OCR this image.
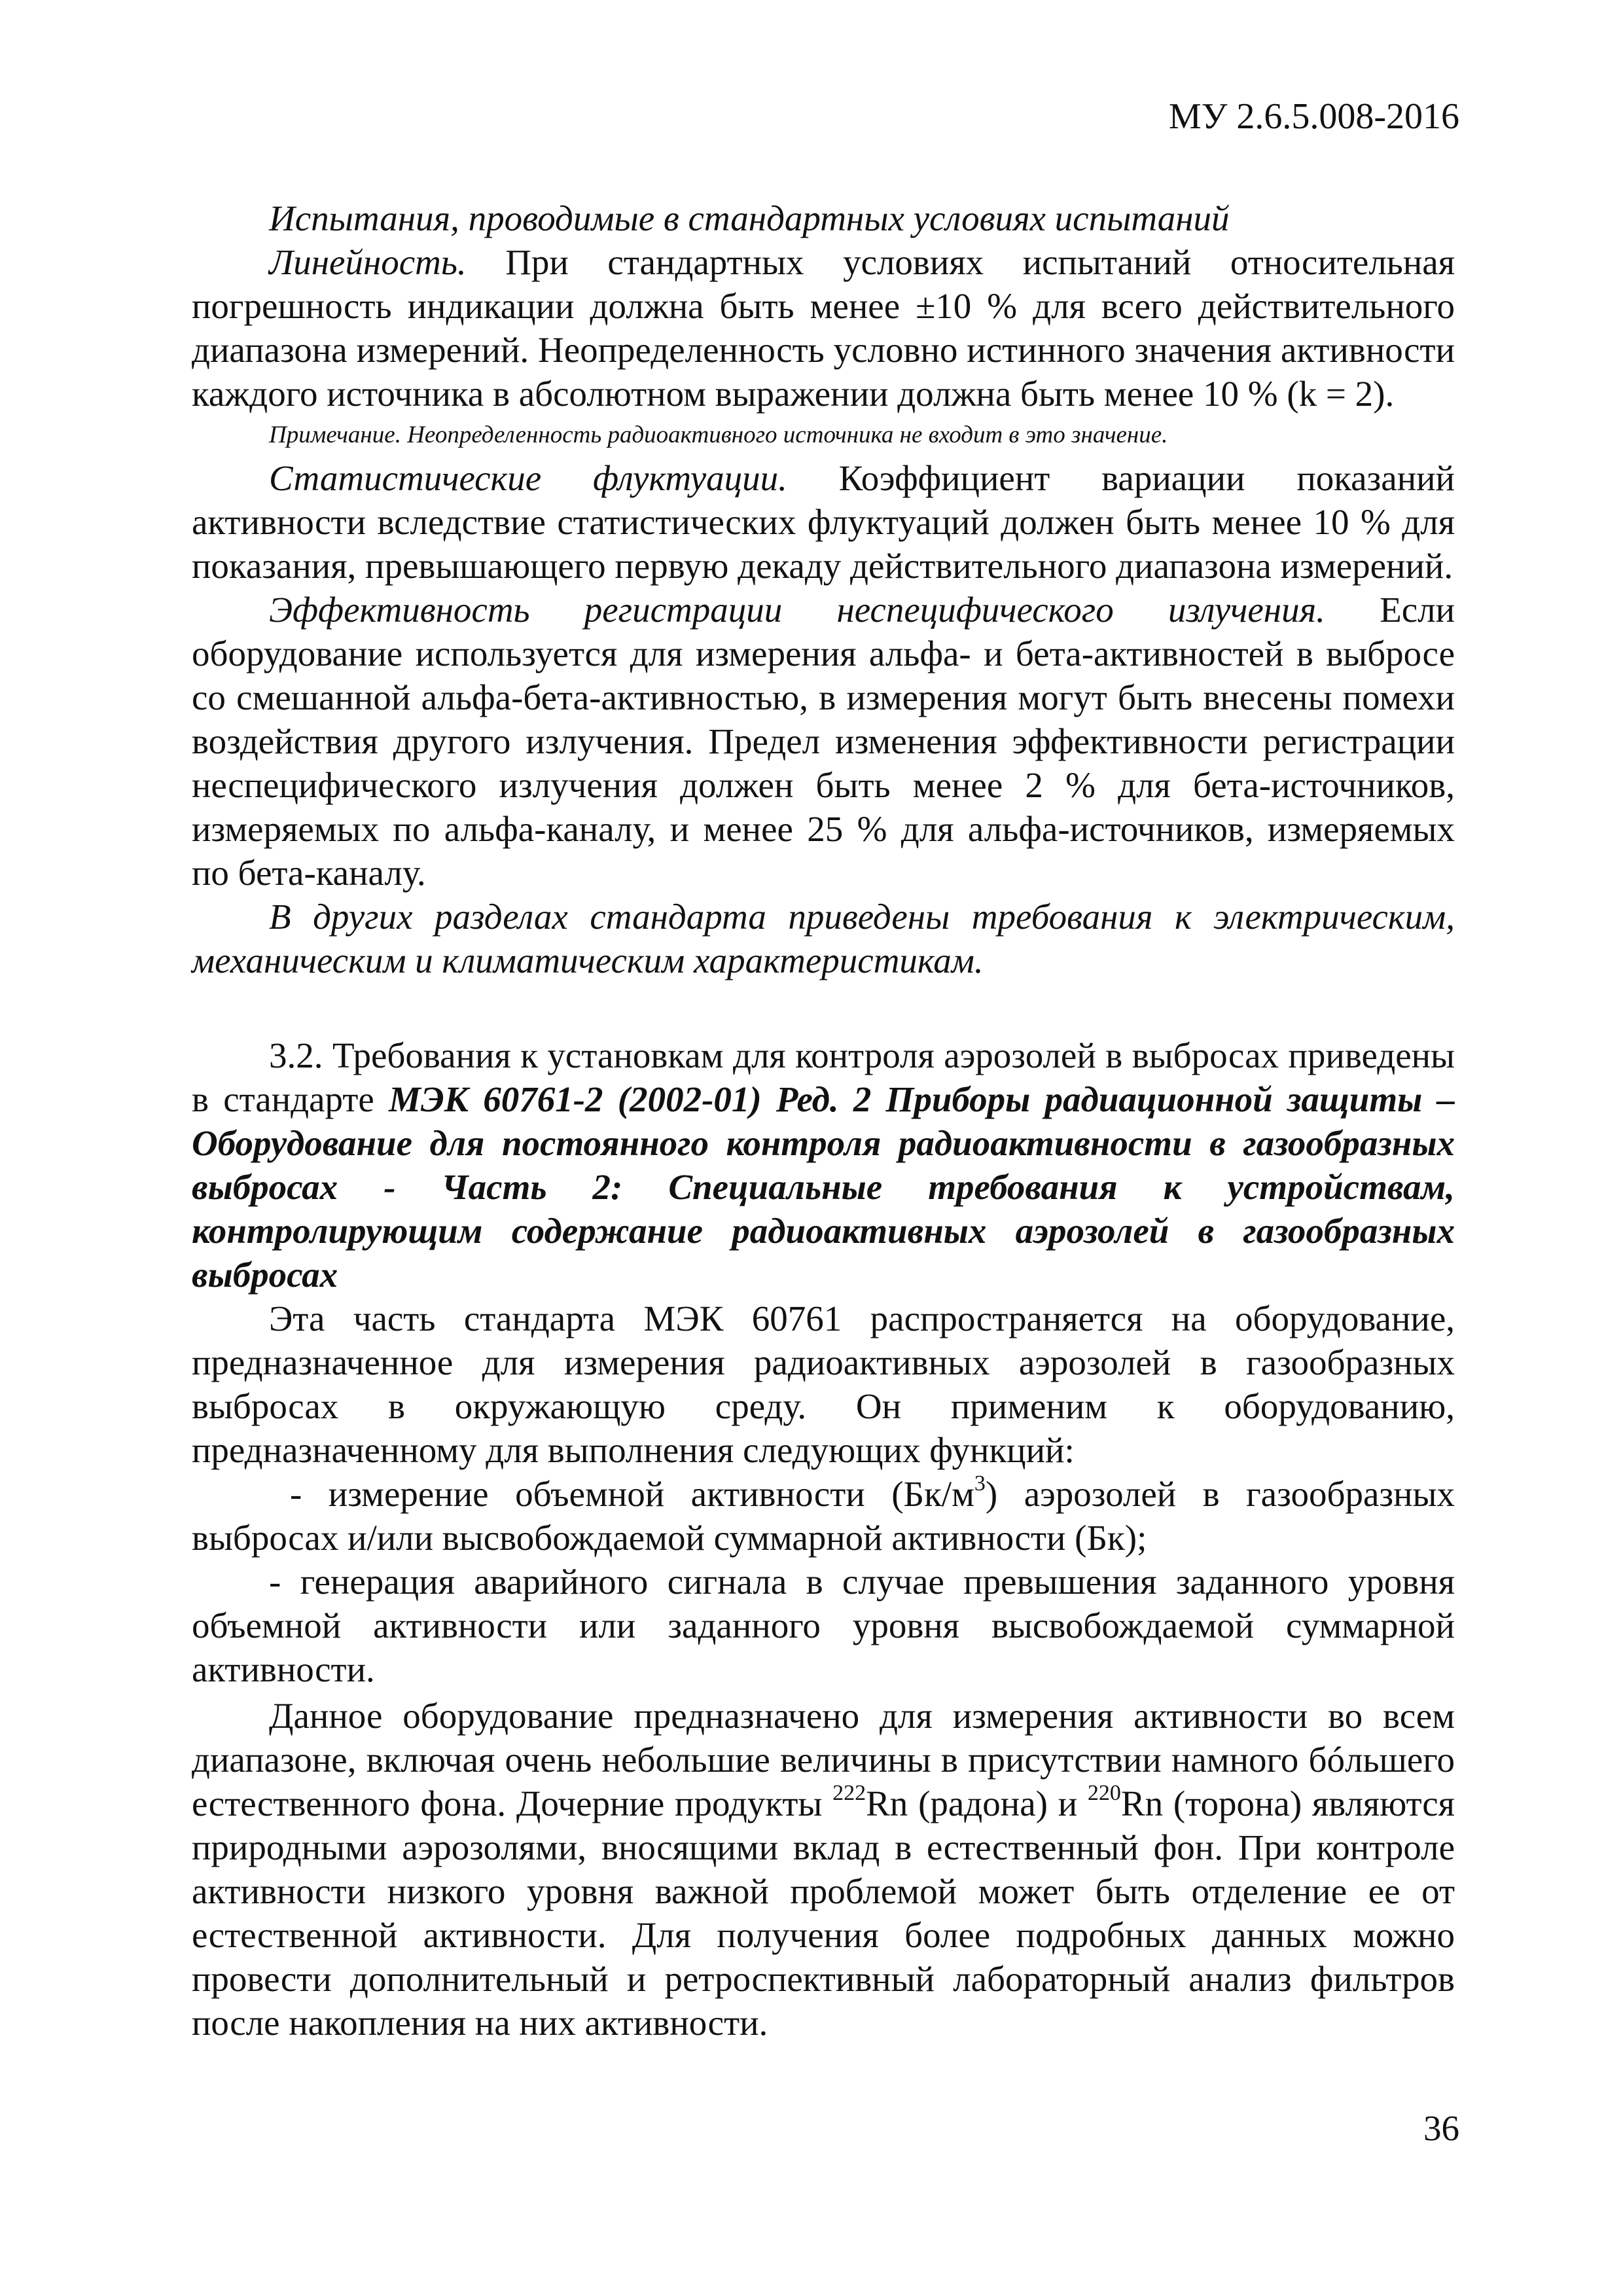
МУ 2.6.5.008-2016

Испытания, проводимые в стандартных условиях испытаний

Линейность. При стандартных условиях испытаний относительная погрешность индикации должна быть менее ±10 % для всего действительного диапазона измерений. Неопределенность условно истинного значения активности каждого источника в абсолютном выражении должна быть менее 10 % (k = 2).

Примечание. Неопределенность радиоактивного источника не входит в это значение.

Статистические флуктуации. Коэффициент вариации показаний активности вследствие статистических флуктуаций должен быть менее 10 % для показания, превышающего первую декаду действительного диапазона измерений.

Эффективность регистрации неспецифического излучения. Если оборудование используется для измерения альфа- и бета-активностей в выбросе со смешанной альфа-бета-активностью, в измерения могут быть внесены помехи воздействия другого излучения. Предел изменения эффективности регистрации неспецифического излучения должен быть менее 2 % для бета-источников, измеряемых по альфа-каналу, и менее 25 % для альфа-источников, измеряемых по бета-каналу.

В других разделах стандарта приведены требования к электрическим, механическим и климатическим характеристикам.

3.2. Требования к установкам для контроля аэрозолей в выбросах приведены в стандарте МЭК 60761-2 (2002-01) Ред. 2 Приборы радиационной защиты – Оборудование для постоянного контроля радиоактивности в газообразных выбросах - Часть 2: Специальные требования к устройствам, контролирующим содержание радиоактивных аэрозолей в газообразных выбросах

Эта часть стандарта МЭК 60761 распространяется на оборудование, предназначенное для измерения радиоактивных аэрозолей в газообразных выбросах в окружающую среду. Он применим к оборудованию, предназначенному для выполнения следующих функций:

- измерение объемной активности $(Бк/м^3)$ аэрозолей в газообразных выбросах и/или высвобождаемой суммарной активности (Бк);

- генерация аварийного сигнала в случае превышения заданного уровня объемной активности или заданного уровня высвобождаемой суммарной активности.

Данное оборудование предназначено для измерения активности во всем диапазоне, включая очень небольшие величины в присутствии намного бóльшего естественного фона. Дочерние продукты $^{222}$Rn (радона) и $^{220}$Rn (торона) являются природными аэрозолями, вносящими вклад в естественный фон. При контроле активности низкого уровня важной проблемой может быть отделение ее от естественной активности. Для получения более подробных данных можно провести дополнительный и ретроспективный лабораторный анализ фильтров после накопления на них активности.

36
